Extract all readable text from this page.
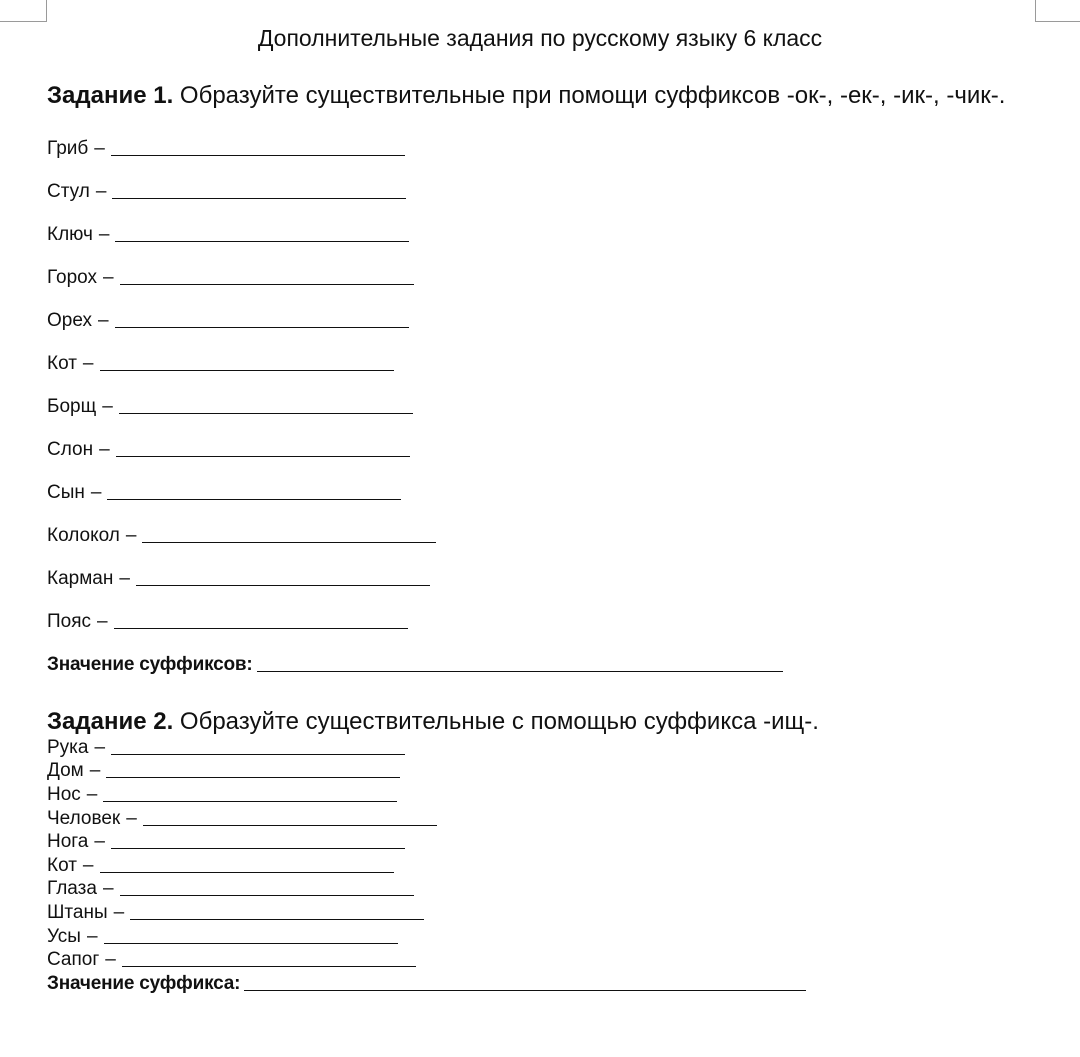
Дополнительные задания по русскому языку 6 класс
Задание 1. Образуйте существительные при помощи суффиксов -ок-, -ек-, -ик-, -чик-.
Гриб –
Стул –
Ключ –
Горох –
Орех –
Кот –
Борщ –
Слон –
Сын –
Колокол –
Карман –
Пояс –
Значение суффиксов:
Задание 2. Образуйте существительные с помощью суффикса -ищ-.
Рука –
Дом –
Нос –
Человек –
Нога –
Кот –
Глаза –
Штаны –
Усы –
Сапог –
Значение суффикса:
